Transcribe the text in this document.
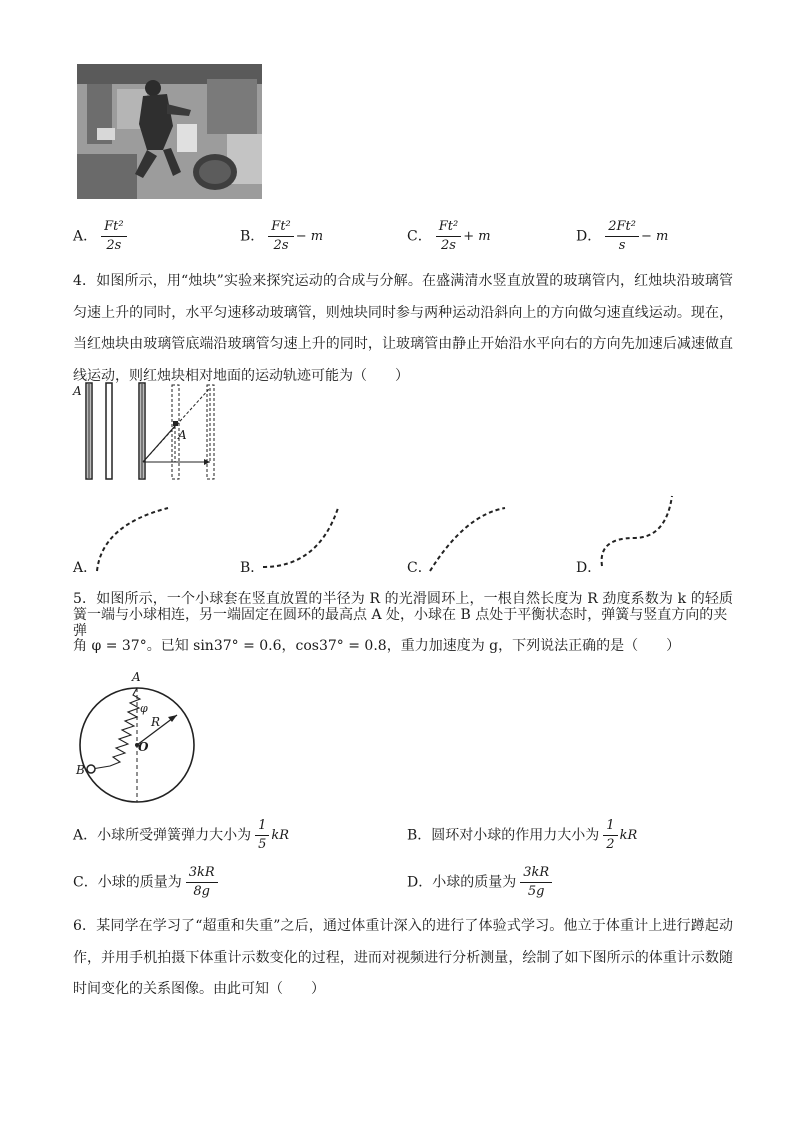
A． $\frac{\text{Ft²}}{2s}$	B． $\frac{\text{Ft²}}{2s} - m$	C． $\frac{\text{Ft²}}{2s} + m$	D． $\frac{\text{2Ft²}}{s} - m$
4．如图所示，用“烛块”实验来探究运动的合成与分解。在盛满清水竖直放置的玻璃管内，红烛块沿玻璃管匀速上升的同时，水平匀速移动玻璃管，则烛块同时参与两种运动沿斜向上的方向做匀速直线运动。现在，当红烛块由玻璃管底端沿玻璃管匀速上升的同时，让玻璃管由静止开始沿水平向右的方向先加速后减速做直线运动，则红烛块相对地面的运动轨迹可能为（　　）
A
A
A．	B．	C．	D．
5．如图所示，一个小球套在竖直放置的半径为 R 的光滑圆环上，一根自然长度为 R 劲度系数为 k 的轻质弹
簧一端与小球相连，另一端固定在圆环的最高点 A 处，小球在 B 点处于平衡状态时，弹簧与竖直方向的夹
角 φ = 37°。已知 sin37° = 0.6，cos37° = 0.8，重力加速度为 g，下列说法正确的是（　　）
A
B
O
R
φ
A．小球所受弹簧弹力大小为 $\frac{1}{5}$ kR	B．圆环对小球的作用力大小为 $\frac{1}{2}$ kR
C．小球的质量为 $\frac{3kR}{8g}$	D．小球的质量为 $\frac{3kR}{5g}$
6．某同学在学习了“超重和失重”之后，通过体重计深入的进行了体验式学习。他立于体重计上进行蹲起动作，并用手机拍摄下体重计示数变化的过程，进而对视频进行分析测量，绘制了如下图所示的体重计示数随时间变化的关系图像。由此可知（　　）
